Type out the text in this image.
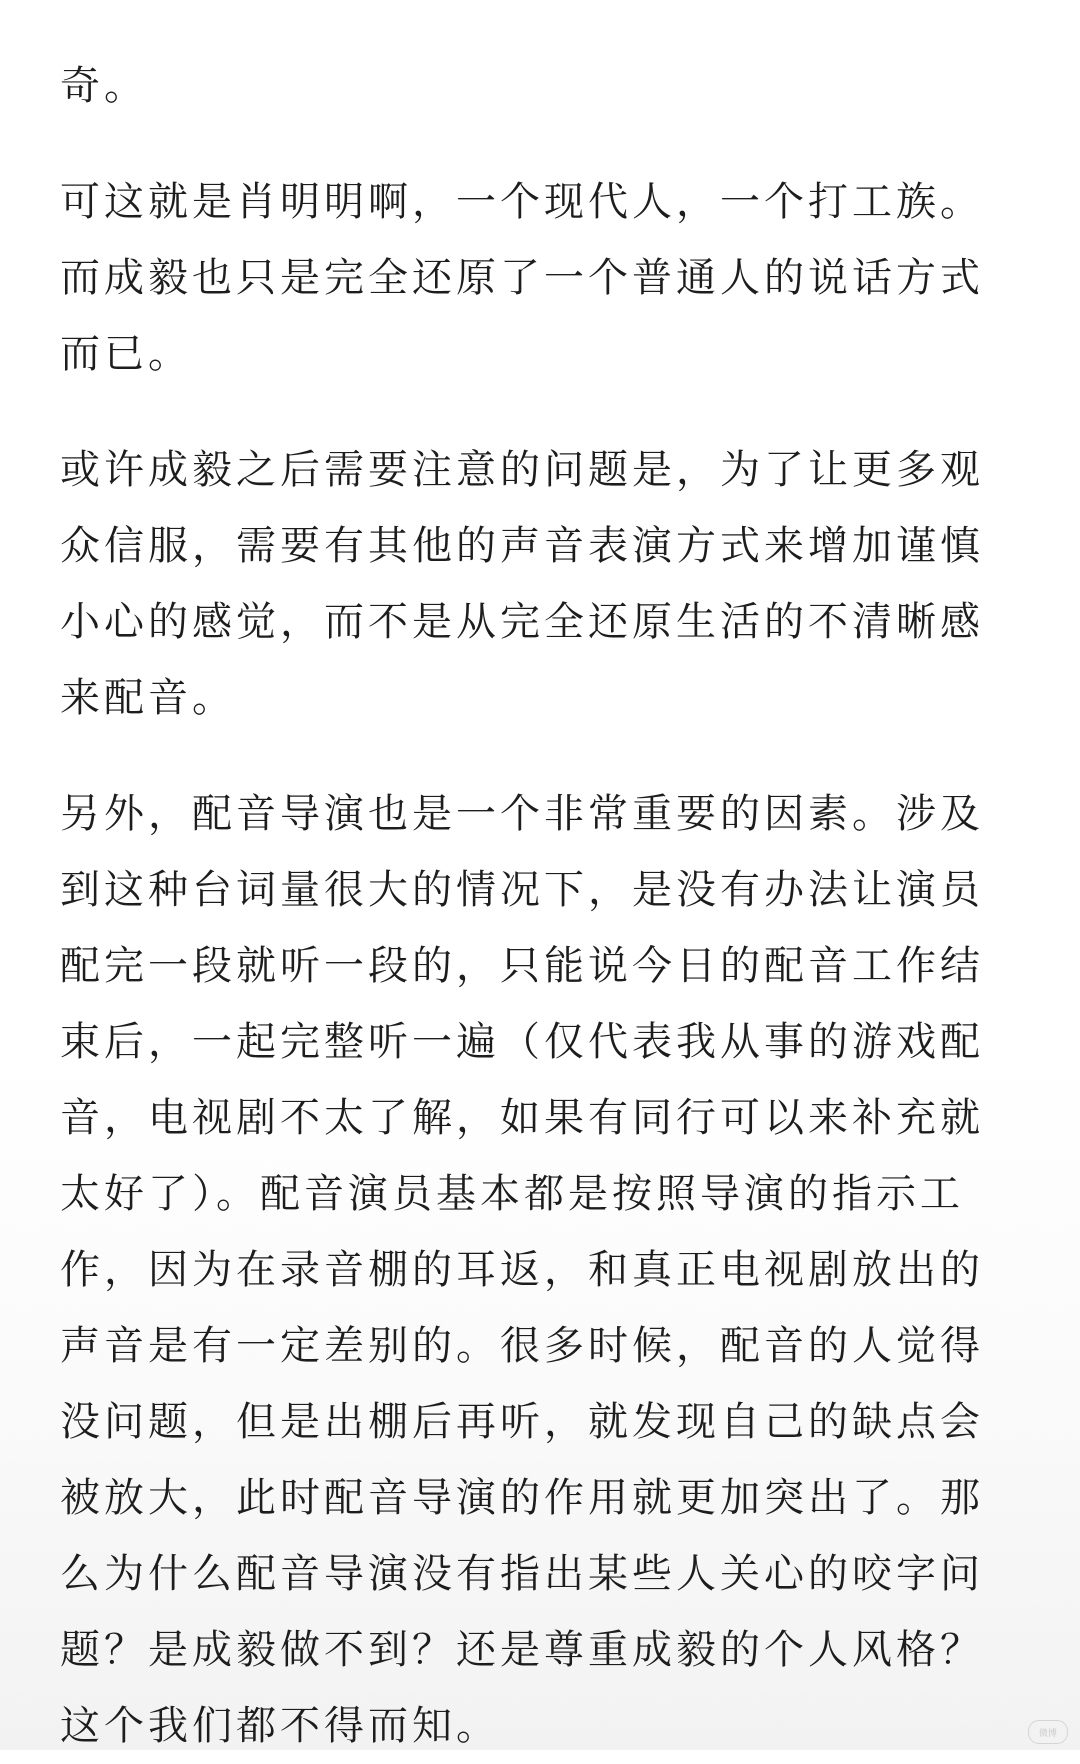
奇。

可这就是肖明明啊，一个现代人，一个打工族。而成毅也只是完全还原了一个普通人的说话方式而已。

或许成毅之后需要注意的问题是，为了让更多观众信服，需要有其他的声音表演方式来增加谨慎小心的感觉，而不是从完全还原生活的不清晰感来配音。

另外，配音导演也是一个非常重要的因素。涉及到这种台词量很大的情况下，是没有办法让演员配完一段就听一段的，只能说今日的配音工作结束后，一起完整听一遍（仅代表我从事的游戏配音，电视剧不太了解，如果有同行可以来补充就太好了）。配音演员基本都是按照导演的指示工作，因为在录音棚的耳返，和真正电视剧放出的声音是有一定差别的。很多时候，配音的人觉得没问题，但是出棚后再听，就发现自己的缺点会被放大，此时配音导演的作用就更加突出了。那么为什么配音导演没有指出某些人关心的咬字问题？是成毅做不到？还是尊重成毅的个人风格？这个我们都不得而知。	微博
